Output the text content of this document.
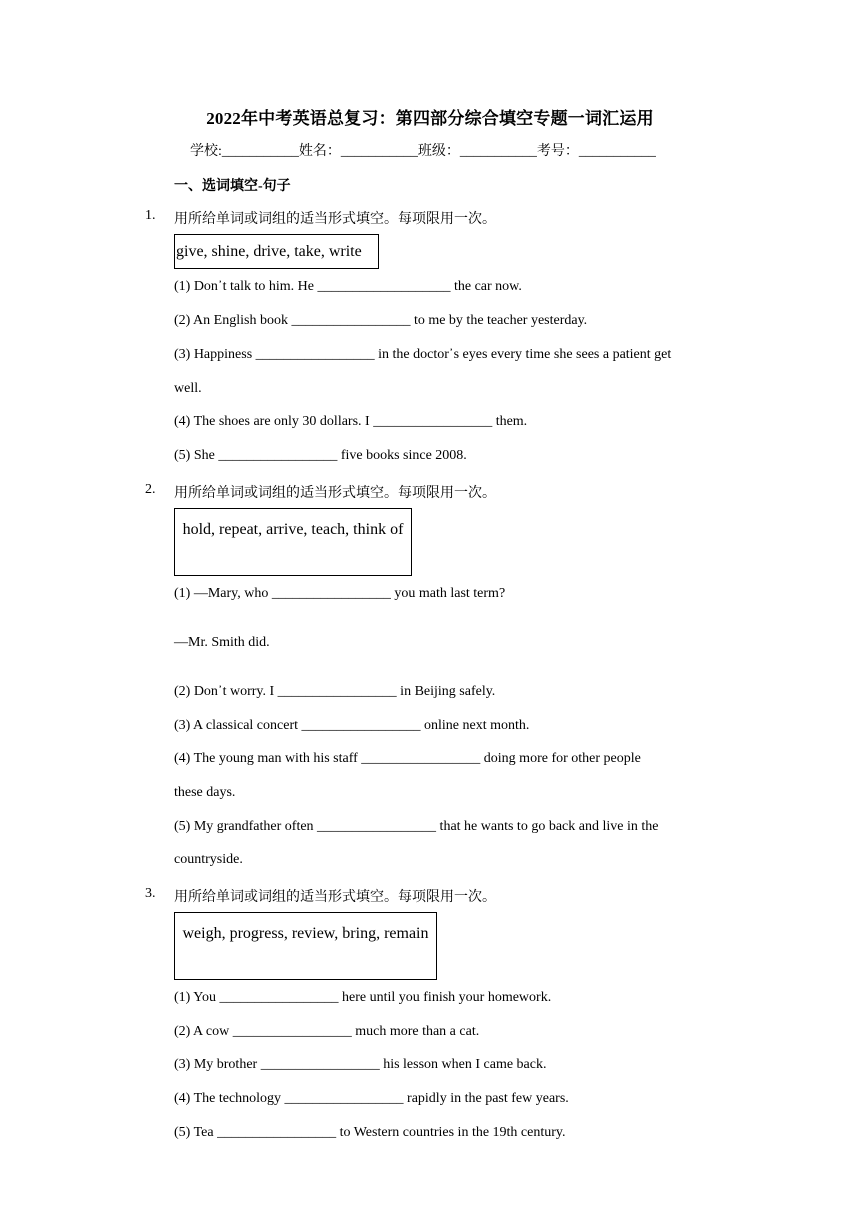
2022年中考英语总复习：第四部分综合填空专题一词汇运用
学校:___________姓名：___________班级：___________考号：___________
一、选词填空-句子
1. 用所给单词或词组的适当形式填空。每项限用一次。
give, shine, drive, take, write
(1) Don᾽t talk to him. He ___________________ the car now.
(2) An English book _________________ to me by the teacher yesterday.
(3) Happiness _________________ in the doctor᾽s eyes every time she sees a patient get
well.
(4) The shoes are only 30 dollars. I _________________ them.
(5) She _________________ five books since 2008.
2. 用所给单词或词组的适当形式填空。每项限用一次。
hold, repeat, arrive, teach, think of
(1) —Mary, who _________________ you math last term?
—Mr. Smith did.
(2) Don᾽t worry. I _________________ in Beijing safely.
(3) A classical concert _________________ online next month.
(4) The young man with his staff _________________ doing more for other people
these days.
(5) My grandfather often _________________ that he wants to go back and live in the
countryside.
3. 用所给单词或词组的适当形式填空。每项限用一次。
weigh, progress, review, bring, remain
(1) You _________________ here until you finish your homework.
(2) A cow _________________ much more than a cat.
(3) My brother _________________ his lesson when I came back.
(4) The technology _________________ rapidly in the past few years.
(5) Tea _________________ to Western countries in the 19th century.
